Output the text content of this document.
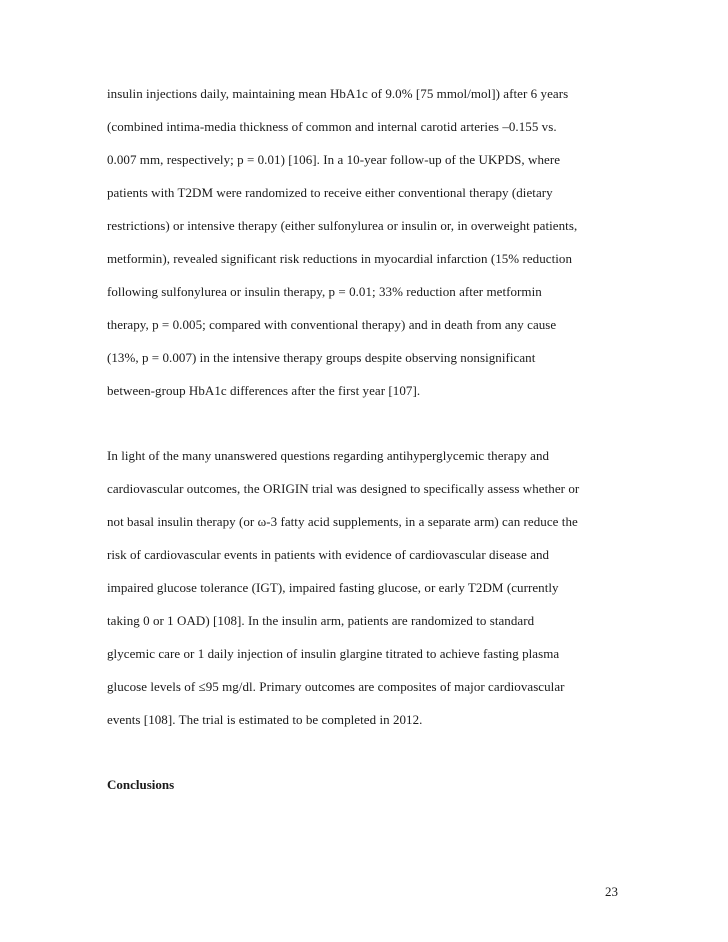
insulin injections daily, maintaining mean HbA1c of 9.0% [75 mmol/mol]) after 6 years
(combined intima-media thickness of common and internal carotid arteries –0.155 vs.
0.007 mm, respectively; p = 0.01) [106]. In a 10-year follow-up of the UKPDS, where
patients with T2DM were randomized to receive either conventional therapy (dietary
restrictions) or intensive therapy (either sulfonylurea or insulin or, in overweight patients,
metformin), revealed significant risk reductions in myocardial infarction (15% reduction
following sulfonylurea or insulin therapy, p = 0.01; 33% reduction after metformin
therapy, p = 0.005; compared with conventional therapy) and in death from any cause
(13%, p = 0.007) in the intensive therapy groups despite observing nonsignificant
between-group HbA1c differences after the first year [107].
In light of the many unanswered questions regarding antihyperglycemic therapy and
cardiovascular outcomes, the ORIGIN trial was designed to specifically assess whether or
not basal insulin therapy (or ω-3 fatty acid supplements, in a separate arm) can reduce the
risk of cardiovascular events in patients with evidence of cardiovascular disease and
impaired glucose tolerance (IGT), impaired fasting glucose, or early T2DM (currently
taking 0 or 1 OAD) [108]. In the insulin arm, patients are randomized to standard
glycemic care or 1 daily injection of insulin glargine titrated to achieve fasting plasma
glucose levels of ≤95 mg/dl. Primary outcomes are composites of major cardiovascular
events [108]. The trial is estimated to be completed in 2012.
Conclusions
23
